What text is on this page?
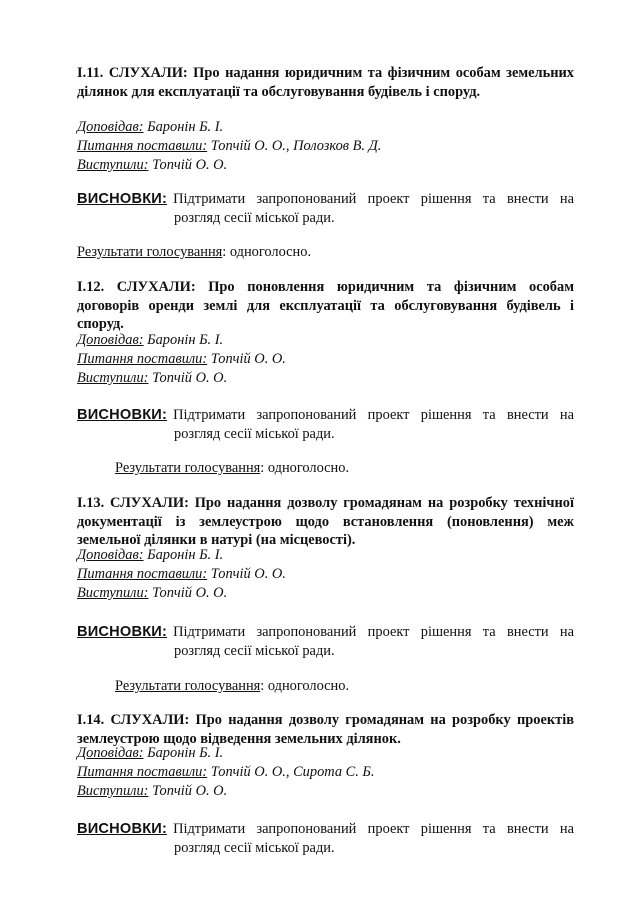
І.11. СЛУХАЛИ: Про надання юридичним та фізичним особам земельних ділянок для експлуатації та обслуговування будівель і споруд.
Доповідав: Баронін Б. І.
Питання поставили: Топчій О. О., Полозков В. Д.
Виступили: Топчій О. О.
ВИСНОВКИ: Підтримати запропонований проект рішення та внести на
розгляд сесії міської ради.
Результати голосування: одноголосно.
І.12. СЛУХАЛИ: Про поновлення юридичним та фізичним особам договорів оренди землі для експлуатації та обслуговування будівель і споруд.
Доповідав: Баронін Б. І.
Питання поставили: Топчій О. О.
Виступили: Топчій О. О.
ВИСНОВКИ: Підтримати запропонований проект рішення та внести на
розгляд сесії міської ради.
Результати голосування: одноголосно.
І.13. СЛУХАЛИ: Про надання дозволу громадянам на розробку технічної документації із землеустрою щодо встановлення (поновлення) меж земельної ділянки в натурі (на місцевості).
Доповідав: Баронін Б. І.
Питання поставили: Топчій О. О.
Виступили: Топчій О. О.
ВИСНОВКИ: Підтримати запропонований проект рішення та внести на
розгляд сесії міської ради.
Результати голосування: одноголосно.
І.14. СЛУХАЛИ: Про надання дозволу громадянам на розробку проектів землеустрою щодо відведення земельних ділянок.
Доповідав: Баронін Б. І.
Питання поставили: Топчій О. О., Сирота С. Б.
Виступили: Топчій О. О.
ВИСНОВКИ: Підтримати запропонований проект рішення та внести на
розгляд сесії міської ради.
